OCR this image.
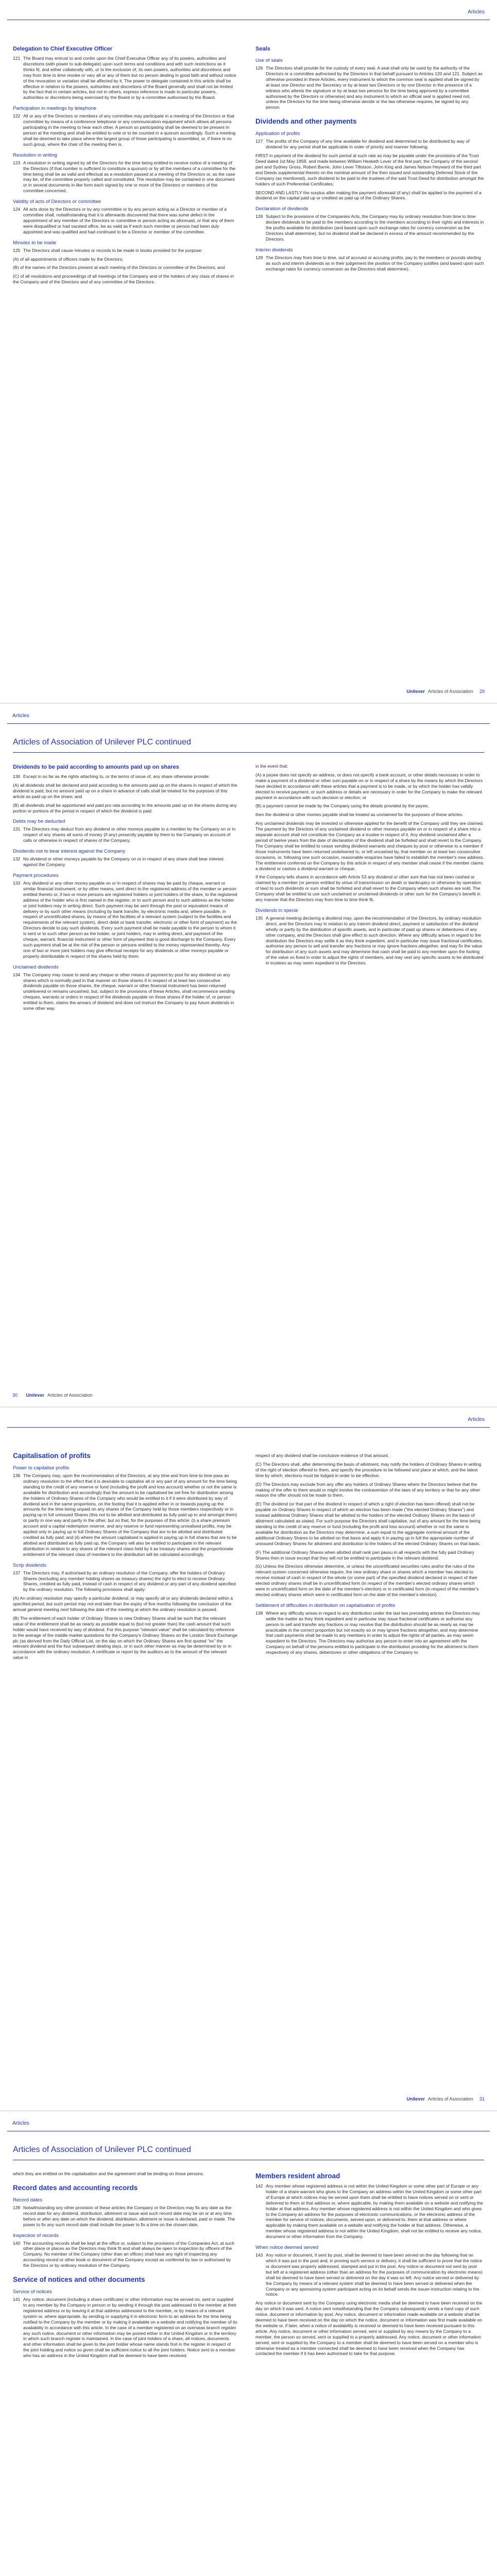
Articles
Delegation to Chief Executive Officer
121 The Board may entrust to and confer upon the Chief Executive Officer any of its powers, authorities and discretions (with power to sub-delegate) upon such terms and conditions and with such restrictions as it thinks fit, and either collaterally with, or to the exclusion of, its own powers, authorities and discretions and may from time to time revoke or vary all or any of them but no person dealing in good faith and without notice of the revocation or variation shall be affected by it. The power to delegate contained in this article shall be effective in relation to the powers, authorities and discretions of the Board generally and shall not be limited by the fact that in certain articles, but not in others, express reference is made to particular powers, authorities or discretions being exercised by the Board or by a committee authorised by the Board.
Participation in meetings by telephone
122 All or any of the Directors or members of any committee may participate in a meeting of the Directors or that committee by means of a conference telephone or any communication equipment which allows all persons participating in the meeting to hear each other. A person so participating shall be deemed to be present in person at the meeting and shall be entitled to vote or to be counted in a quorum accordingly. Such a meeting shall be deemed to take place where the largest group of those participating is assembled, or, if there is no such group, where the chair of the meeting then is.
Resolution in writing
123 A resolution in writing signed by all the Directors for the time being entitled to receive notice of a meeting of the Directors (if that number is sufficient to constitute a quorum) or by all the members of a committee for the time being shall be as valid and effectual as a resolution passed at a meeting of the Directors or, as the case may be, of the committee properly called and constituted. The resolution may be contained in one document or in several documents in like form each signed by one or more of the Directors or members of the committee concerned.
Validity of acts of Directors or committee
124 All acts done by the Directors or by any committee or by any person acting as a Director or member of a committee shall, notwithstanding that it is afterwards discovered that there was some defect in the appointment of any member of the Directors or committee or person acting as aforesaid, or that any of them were disqualified or had vacated office, be as valid as if each such member or person had been duly appointed and was qualified and had continued to be a Director or member of the committee.
Minutes to be made
125 The Directors shall cause minutes or records to be made in books provided for the purpose:

(A) of all appointments of officers made by the Directors;

(B) of the names of the Directors present at each meeting of the Directors or committee of the Directors; and

(C) of all resolutions and proceedings of all meetings of the Company and of the holders of any class of shares in the Company and of the Directors and of any committee of the Directors.

Seals
Use of seals
126 The Directors shall provide for the custody of every seal. A seal shall only be used by the authority of the Directors or a committee authorised by the Directors in that behalf pursuant to Articles 120 and 121. Subject as otherwise provided in these Articles, every instrument to which the common seal is applied shall be signed by at least one Director and the Secretary or by at least two Directors or by one Director in the presence of a witness who attests the signature or by at least two persons for the time being approved by a committee authorised by the Directors or otherwise) and any instrument to which an official seal is applied need not, unless the Directors for the time being otherwise decide or the law otherwise requires, be signed by any person.
Dividends and other payments
Application of profits
127 The profits of the Company of any time available for dividend and determined to be distributed by way of dividend for any period shall be applicable in order of priority and manner following:

FIRST in payment of the dividend for such period at such rate as may be payable under the provisions of the Trust Deed dated 1st May 1959, and made between William Hesketh Lever of the first part, the Company of the second part and Sydney Gross, Robert Barrie, John Lever Tillotson, John King and James Nelson Heyward of the third part and Deeds supplemental thereto on the nominal amount of the then issued and outstanding Deferred Stock of the Company (as mentioned), such dividend to be paid to the trustees of the said Trust Deed for distribution amongst the holders of such Preferential Certificates;

SECOND AND LASTLY the surplus after making the payment aforesaid (if any) shall be applied to the payment of a dividend on the capital paid up or credited as paid up of the Ordinary Shares.

Declaration of dividends
128 Subject to the provisions of the Companies Acts, the Company may by ordinary resolution from time to time declare dividends to be paid to the members according to the members according to their rights and interests in the profits available for distribution (and based upon such exchange rates for currency conversion as the Directors shall determine), but no dividend shall be declared in excess of the amount recommended by the Directors.
Interim dividends
129 The Directors may from time to time, out of accrued or accruing profits, pay to the members or pounds sterling as such and interim dividends as in their judgement the position of the Company justifies (and based upon such exchange rates for currency conversion as the Directors shall determine).
Unilever Articles of Association 29
Articles
Articles of Association of Unilever PLC continued
Dividends to be paid according to amounts paid up on shares
130 Except in so far as the rights attaching to, or the terms of issue of, any share otherwise provide:

(A) all dividends shall be declared and paid according to the amounts paid up on the shares in respect of which the dividend is paid, but no amount paid up on a share in advance of calls shall be treated for the purposes of this article as paid up on the share; and

(B) all dividends shall be apportioned and paid pro rata according to the amounts paid up on the shares during any portion or portions of the period in respect of which the dividend is paid.

Debts may be deducted
131 The Directors may deduct from any dividend or other moneys payable to a member by the Company on or in respect of any shares all sums of money (if any) presently payable by them to the Company on account of calls or otherwise in respect of shares of the Company.
Dividends not to bear interest against the Company
132 No dividend or other moneys payable by the Company on or in respect of any share shall bear interest against the Company.
Payment procedures
133 Any dividend or any other money payable on or in respect of shares may be paid by cheque, warrant or similar financial instrument, or by other means, sent direct to the registered address of the member or person entitled thereto or, if two or more persons are registered holders or joint holders of the share, to the registered address of the holder who is first named in the register, or to such person and to such address as the holder or joint holders may in writing direct. Such payment may be sent through the post or equivalent means of delivery or by such other means (including by bank transfer, by electronic media and, where possible, in respect of uncertificated shares, by means of the facilities of a relevant system (subject to the facilities and requirements of the relevant system), direct debit or bank transfer, electronic or other form of payment) as the Directors decide to pay such dividends. Every such payment shall be made payable to the person to whom it is sent or to such other person as the holder, or joint holders, may in writing direct, and payment of the cheque, warrant, financial instrument or other form of payment that is good discharge to the Company. Every such payment shall be at the risk of the person or persons entitled to the money represented thereby. Any one of two or more joint holders may give effectual receipts for any dividends or other moneys payable or property distributable in respect of the shares held by them.
Unclaimed dividends
134 The Company may cease to send any cheque or other means of payment by post for any dividend on any shares which is normally paid in that manner on those shares if in respect of at least two consecutive dividends payable on those shares, the cheque, warrant or other financial instrument has been returned undelivered or remains uncashed, but, subject to the provisions of these Articles, shall recommence sending cheques, warrants or orders in respect of the dividends payable on those shares if the holder of, or person entitled to them, claims the arrears of dividend and does not instruct the Company to pay future dividends in some other way.

in the event that:

(A) a payee does not specify an address, or does not specify a bank account, or other details necessary in order to make a payment of a dividend or other sum payable on or in respect of a share by the means by which the Directors have decided in accordance with these articles that a payment is to be made, or by which the holder has validly elected to receive payment, or such address or details are necessary in order for the Company to make the relevant payment in accordance with such decision or election; or

(B) a payment cannot be made by the Company using the details provided by the payee,

then the dividend or other monies payable shall be treated as unclaimed for the purposes of these articles.

Any unclaimed dividends may be invested or otherwise applied for the benefit of the Company until they are claimed. The payment by the Directors of any unclaimed dividend or other moneys payable on or in respect of a share into a separate account shall not constitute the Company as a trustee in respect of it. Any dividend unclaimed after a period of twelve years from the date of declaration of the dividend shall be forfeited and shall revert to the Company. The Company shall be entitled to cease sending dividend warrants and cheques by post or otherwise to a member if those instruments have been returned undelivered to, or left uncashed by, that member on at least two consecutive occasions, or, following one such occasion, reasonable enquiries have failed to establish the member's new address. The entitlement conferred on the Company by this article in respect of any member shall cease if the member claims a dividend or cashes a dividend warrant or cheque.

If the Company tells shares in accordance with Article 53 any dividend or other sum that has not been cashed or claimed by a member (or person entitled by virtue of transmission on death or bankruptcy or otherwise by operation of law) to such dividends or sum shall be forfeited and shall revert to the Company when such shares are sold. The Company shall be entitled to use such unclaimed or unclaimed dividends or other sum for the Company's benefit in any manner that the Directors may from time to time think fit.

Dividends in specie
135 A general meeting declaring a dividend may, upon the recommendation of the Directors, by ordinary resolution direct, and the Directors may in relation to any interim dividend direct, payment or satisfaction of the dividend wholly or partly by the distribution of specific assets, and in particular of paid up shares or debentures of any other company, and the Directors shall give effect to such direction. Where any difficulty arises in regard to the distribution the Directors may settle it as they think expedient, and in particular may issue fractional certificates, authorise any person to sell and transfer any fractions or may ignore fractions altogether, and may fix the value for distribution of any such assets and may determine that cash shall be paid to any member upon the footing of the value so fixed in order to adjust the rights of members, and may vest any specific assets to be distributed in trustees as may seem expedient to the Directors.
30 Unilever Articles of Association
Articles
Capitalisation of profits
Power to capitalise profits
136 The Company may, upon the recommendation of the Directors, at any time and from time to time pass an ordinary resolution to the effect that it is desirable to capitalise all or any part of any amount for the time being standing to the credit of any reserve or fund (including the profit and loss account) whether or not the same is available for distribution and accordingly that the amount to be capitalised be set free for distribution among the holders of Ordinary Shares of the Company who would be entitled to it if it were distributed by way of dividend and in the same proportions, on the footing that it is applied either in or towards paying up the amounts for the time being unpaid on any shares of the Company held by those members respectively or in paying up in full unissued Shares (this not to be allotted and distributed as fully paid up to and amongst them) or partly in one way and partly in the other, but so that, for the purposes of this article: (i) a share premium account and a capital redemption reserve, and any reserve or fund representing unrealised profits, may be applied only in paying up in full Ordinary Shares of the Company that are to be allotted and distributed credited as fully paid; and (ii) where the amount capitalised is applied in paying up in full shares that are to be allotted and distributed as fully paid up, the Company will also be entitled to participate in the relevant distribution in relation to any shares of the relevant class held by it as treasury shares and the proportionate entitlement of the relevant class of members to the distribution will be calculated accordingly.
Scrip dividends
137 The Directors may, if authorised by an ordinary resolution of the Company, offer the holders of Ordinary Shares (excluding any member holding shares as treasury shares) the right to elect to receive Ordinary Shares, credited as fully paid, instead of cash in respect of any dividend or any part of any dividend specified by the ordinary resolution. The following provisions shall apply:

(A) An ordinary resolution may specify a particular dividend, or may specify all or any dividends declared within a specified period, but such period may not end later than the expiry of five months following the conclusion of the annual general meeting next following the date of the meeting at which the ordinary resolution is passed.

(B) The entitlement of each holder of Ordinary Shares to new Ordinary Shares shall be such that the relevant value of the entitlement shall be as nearly as possible equal to (but not greater than) the cash amount that such holder would have received by way of dividend. For this purpose "relevant value" shall be calculated by reference to the average of the middle market quotations for the Company's Ordinary Shares on the London Stock Exchange plc (as derived from the Daily Official List, on the day on which the Ordinary Shares are first quoted "ex" the relevant dividend and the four subsequent dealing days, or in such other manner as may be determined by or in accordance with the ordinary resolution. A certificate or report by the auditors as to the amount of the relevant value in

respect of any dividend shall be conclusive evidence of that amount.

(C) The Directors shall, after determining the basis of allotment, may notify the holders of Ordinary Shares in writing of the right of election offered to them, and specify the procedure to be followed and place at which, and the latest time by which, elections must be lodged in order to be effective.

(D) The Directors may exclude from any offer any holders of Ordinary Shares where the Directors believe that the making of the offer to them would or might involve the contravention of the laws of any territory or that for any other reason the offer should not be made to them.

(E) The dividend (or that part of the dividend in respect of which a right of election has been offered) shall not be payable on Ordinary Shares in respect of which an election has been made ("the elected Ordinary Shares") and instead additional Ordinary Shares shall be allotted to the holders of the elected Ordinary Shares on the basis of allotment calculated as stated. For such purpose the Directors shall capitalise, out of any amount for the time being standing to the credit of any reserve or fund (including the profit and loss account) whether or not the same is available for distribution as the Directors may determine, a sum equal to the aggregate nominal amount of the additional Ordinary Shares to be allotted on that basis and apply it in paying up in full the appropriate number of unissued Ordinary Shares for allotment and distribution to the holders of the elected Ordinary Shares on that basis.

(F) The additional Ordinary Shares when allotted shall rank pari passu in all respects with the fully paid Ordinary Shares then in issue except that they will not be entitled to participate in the relevant dividend.

(G) Unless the Directors otherwise determine, or unless the uncertificated securities rules and/or the rules of the relevant system concerned otherwise require, the new ordinary share or shares which a member has elected to receive instead of cash in respect of the whole (or some part) of the specified dividend declared in respect of their elected ordinary shares shall be in uncertificated form (in respect of the member's elected ordinary shares which were in uncertificated form on the date of the member's election) or in certificated form (in respect of the member's elected ordinary shares which were in certificated form on the date of the member's election).

Settlement of difficulties in distribution on capitalisation of profits
138 Where any difficulty arises in regard to any distribution under the last two preceding articles the Directors may settle the matter as they think expedient and in particular may issue fractional certificates or authorise any person to sell and transfer any fractions or may resolve that the distribution should be as nearly as may be practicable in the correct proportion but not exactly so or may ignore fractions altogether, and may determine that cash payments shall be made to any members in order to adjust the rights of all parties, as may seem expedient to the Directors. The Directors may authorise any person to enter into an agreement with the Company on behalf of the persons entitled to participate in the distribution providing for the allotment to them respectively of any shares, debentures or other obligations of the Company to
Unilever Articles of Association 31
Articles
Articles of Association of Unilever PLC continued

which they are entitled on the capitalisation and the agreement shall be binding on those persons.

Record dates and accounting records
Record dates
139 Notwithstanding any other provision of these articles the Company or the Directors may fix any date as the record date for any dividend, distribution, allotment or issue and such record date may be on or at any time before or after any date on which the dividend, distribution, allotment or issue is declared, paid or made. The power to fix any such record date shall include the power to fix a time on the chosen date.
Inspection of records
140 The accounting records shall be kept at the office or, subject to the provisions of the Companies Act, at such other place or places as the Directors may think fit and shall always be open to inspection by officers of the Company. No member of the Company (other than an officer) shall have any right of inspecting any accounting record or other book or document of the Company except as conferred by law or authorised by the Directors or by ordinary resolution of the Company.
Service of notices and other documents
Service of notices
141 Any notice, document (including a share certificate) or other information may be served on, sent or supplied to any member by the Company in person or by sending it through the post addressed to the member at their registered address or by leaving it at that address addressed to the member, or by means of a relevant system or, where appropriate, by sending or supplying it in electronic form to an address for the time being notified to the Company by the member or by making it available on a website and notifying the member of its availability in accordance with this article. In the case of a member registered on an overseas branch register any such notice, document or other information may be posted either in the United Kingdom or in the territory in which such branch register is maintained. In the case of joint holders of a share, all notices, documents and other information shall be given to the joint holder whose name stands first in the register in respect of the joint holding and notice so given shall be sufficient notice to all the joint holders. Notice sent to a member who has an address in the United Kingdom shall be deemed to have been received.
Members resident abroad
142 Any member whose registered address is not within the United Kingdom or some other part of Europe or any holder of a share warrant who gives to the Company an address within the United Kingdom or some other part of Europe at which notices may be served upon them shall be entitled to have notices served on or sent or delivered to them at that address or, where applicable, by making them available on a website and notifying the holder at that address. Any member whose registered address is not within the United Kingdom and who gives to the Company an address for the purposes of electronic communications, or the electronic address of the member for service of notices, documents, served upon, or delivered to, them at that address or where applicable by making them available on a website and notifying the holder at that address. Otherwise, a member whose registered address is not within the United Kingdom, shall not be entitled to receive any notice, document or other information from the Company.
When notice deemed served
143 Any notice or document, if sent by post, shall be deemed to have been served on the day following that on which it was put in the post and, in proving such service or delivery, it shall be sufficient to prove that the notice or document was properly addressed, stamped and put in the post. Any notice or document not sent by post but left at a registered address (other than an address for the purposes of communication by electronic means) shall be deemed to have been served or delivered on the day it was so left. Any notice served or delivered by the Company by means of a relevant system shall be deemed to have been served or delivered when the Company or any sponsoring system participant acting on its behalf sends the issuer-instruction relating to the notice.

Any notice or document sent by the Company using electronic media shall be deemed to have been received on the day on which it was sent. A notice sent notwithstanding that the Company subsequently sends a hard copy of such notice, document or information by post. Any notice, document or information made available on a website shall be deemed to have been received on the day on which the notice, document or information was first made available on the website or, if later, when a notice of availability is received or deemed to have been received pursuant to this article. Any notice, document or other information served, sent or supplied by any means by the Company to a member, the person so served, sent or supplied to a properly addressed. Any notice, document or other information served, sent or supplied by the Company to a member shall be deemed to have been served on a member who is otherwise treated as a member connected shall be deemed to have been received when the Company has contacted the member if it has been authorised to take for that purpose.
